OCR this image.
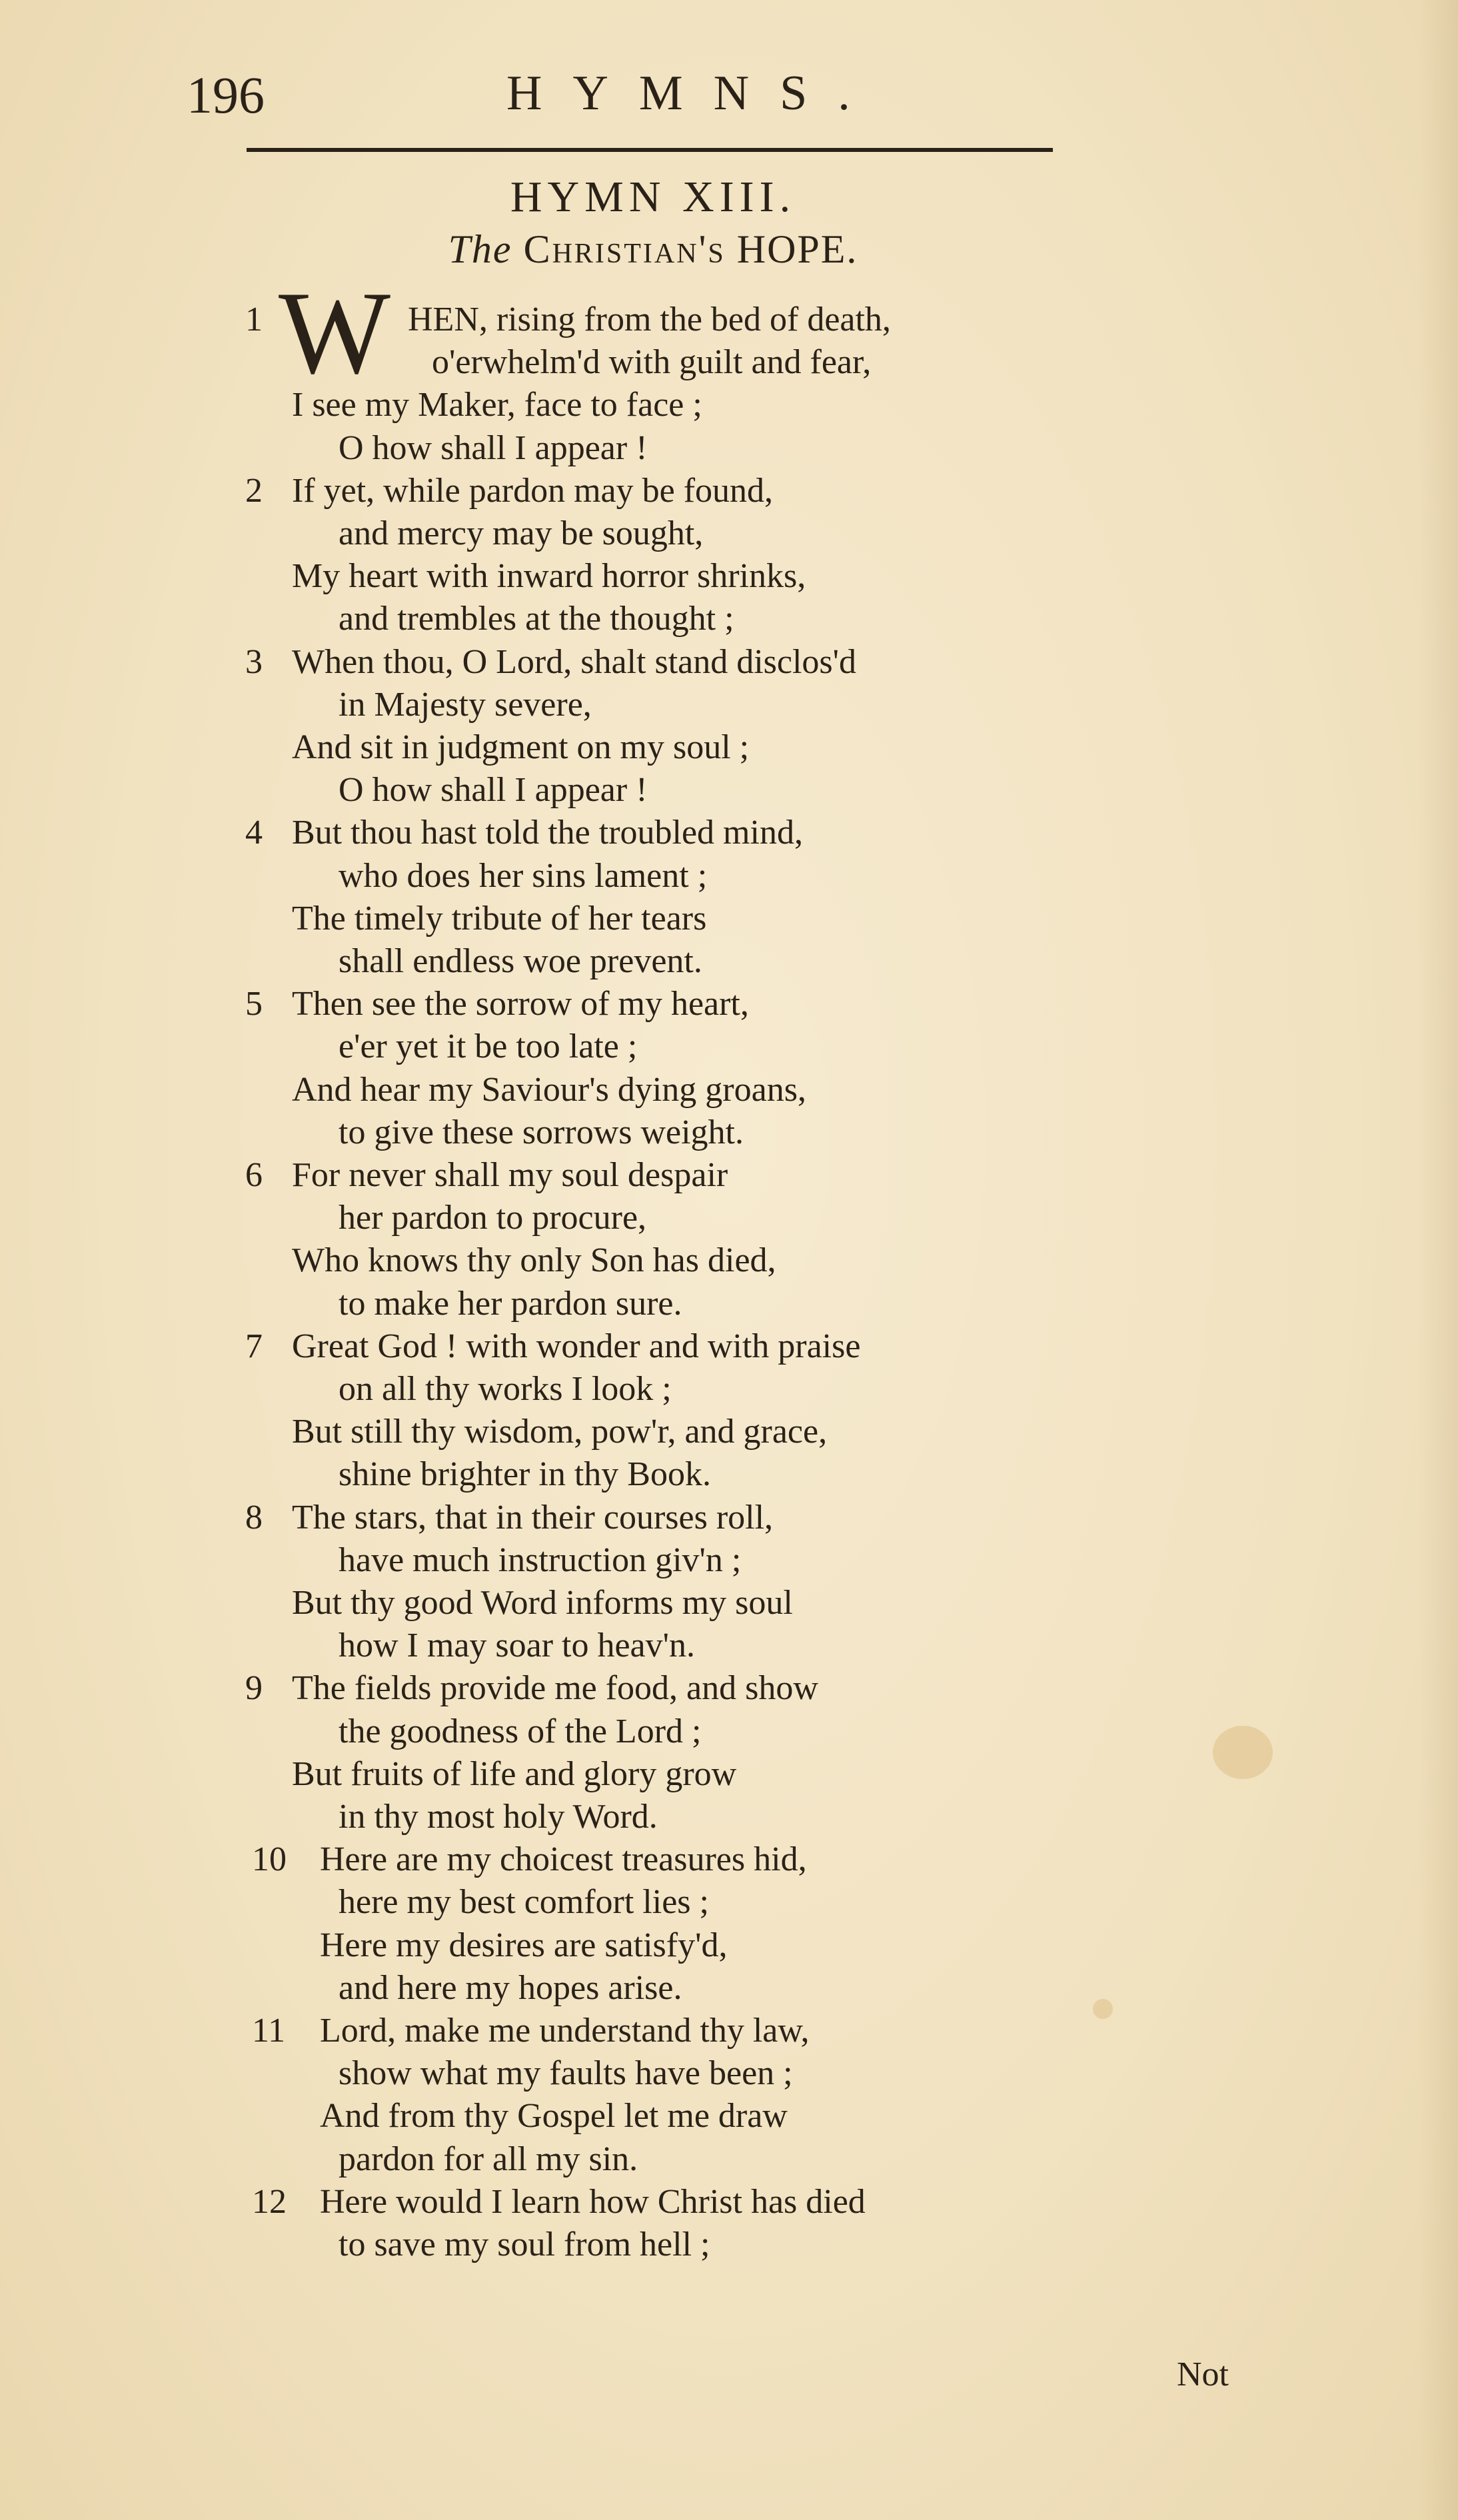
196	HYMNS.
HYMN XIII.
The Christian's HOPE.
W
1	HEN, rising from the bed of death,
o'erwhelm'd with guilt and fear,
I see my Maker, face to face ;
O how shall I appear !
2 If yet, while pardon may be found,
and mercy may be sought,
My heart with inward horror shrinks,
and trembles at the thought ;
3 When thou, O Lord, shalt stand disclos'd
in Majesty severe,
And sit in judgment on my soul ;
O how shall I appear !
4 But thou hast told the troubled mind,
who does her sins lament ;
The timely tribute of her tears
shall endless woe prevent.
5 Then see the sorrow of my heart,
e'er yet it be too late ;
And hear my Saviour's dying groans,
to give these sorrows weight.
6 For never shall my soul despair
her pardon to procure,
Who knows thy only Son has died,
to make her pardon sure.
7 Great God ! with wonder and with praise
on all thy works I look ;
But still thy wisdom, pow'r, and grace,
shine brighter in thy Book.
8 The stars, that in their courses roll,
have much instruction giv'n ;
But thy good Word informs my soul
how I may soar to heav'n.
9 The fields provide me food, and show
the goodness of the Lord ;
But fruits of life and glory grow
in thy most holy Word.
10 Here are my choicest treasures hid,
here my best comfort lies ;
Here my desires are satisfy'd,
and here my hopes arise.
11 Lord, make me understand thy law,
show what my faults have been ;
And from thy Gospel let me draw
pardon for all my sin.
12 Here would I learn how Christ has died
to save my soul from hell ;
Not
